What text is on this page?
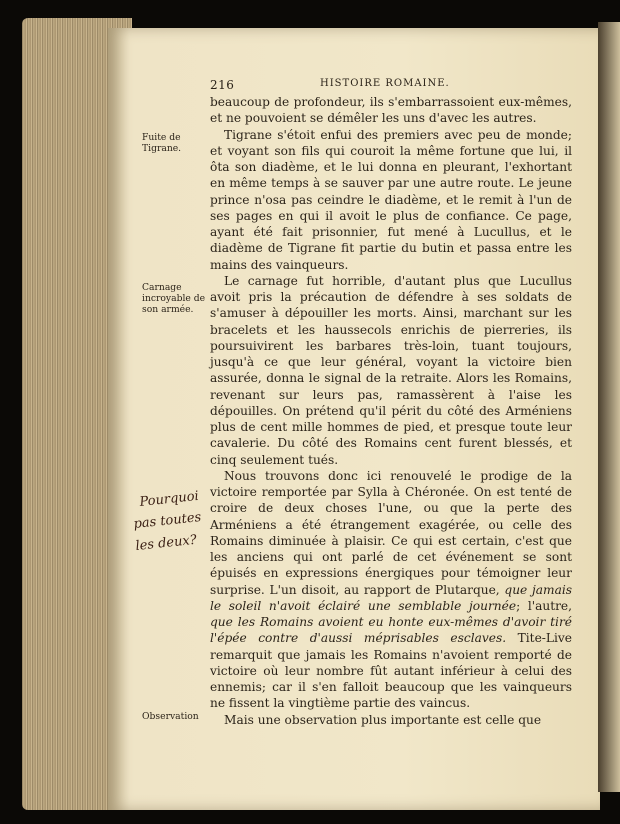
216	HISTOIRE ROMAINE.
Fuite de Tigrane.
Carnage incroyable de son armée.
Observation
Pourquoi
pas toutes
les deux?

beaucoup de profondeur, ils s'embarrassoient eux-mêmes, et ne pouvoient se démêler les uns d'avec les autres.

Tigrane s'étoit enfui des premiers avec peu de monde; et voyant son fils qui couroit la même fortune que lui, il ôta son diadème, et le lui donna en pleurant, l'exhortant en même temps à se sauver par une autre route. Le jeune prince n'osa pas ceindre le diadème, et le remit à l'un de ses pages en qui il avoit le plus de confiance. Ce page, ayant été fait prisonnier, fut mené à Lucullus, et le diadème de Tigrane fit partie du butin et passa entre les mains des vainqueurs.

Le carnage fut horrible, d'autant plus que Lucullus avoit pris la précaution de défendre à ses soldats de s'amuser à dépouiller les morts. Ainsi, marchant sur les bracelets et les haussecols enrichis de pierreries, ils poursuivirent les barbares très-loin, tuant toujours, jusqu'à ce que leur général, voyant la victoire bien assurée, donna le signal de la retraite. Alors les Romains, revenant sur leurs pas, ramassèrent à l'aise les dépouilles. On prétend qu'il périt du côté des Arméniens plus de cent mille hommes de pied, et presque toute leur cavalerie. Du côté des Romains cent furent blessés, et cinq seulement tués.

Nous trouvons donc ici renouvelé le prodige de la victoire remportée par Sylla à Chéronée. On est tenté de croire de deux choses l'une, ou que la perte des Arméniens a été étrangement exagérée, ou celle des Romains diminuée à plaisir. Ce qui est certain, c'est que les anciens qui ont parlé de cet événement se sont épuisés en expressions énergiques pour témoigner leur surprise. L'un disoit, au rapport de Plutarque, que jamais le soleil n'avoit éclairé une semblable journée; l'autre, que les Romains avoient eu honte eux-mêmes d'avoir tiré l'épée contre d'aussi méprisables esclaves. Tite-Live remarquit que jamais les Romains n'avoient remporté de victoire où leur nombre fût autant inférieur à celui des ennemis; car il s'en falloit beaucoup que les vainqueurs ne fissent la vingtième partie des vaincus.

Mais une observation plus importante est celle que
